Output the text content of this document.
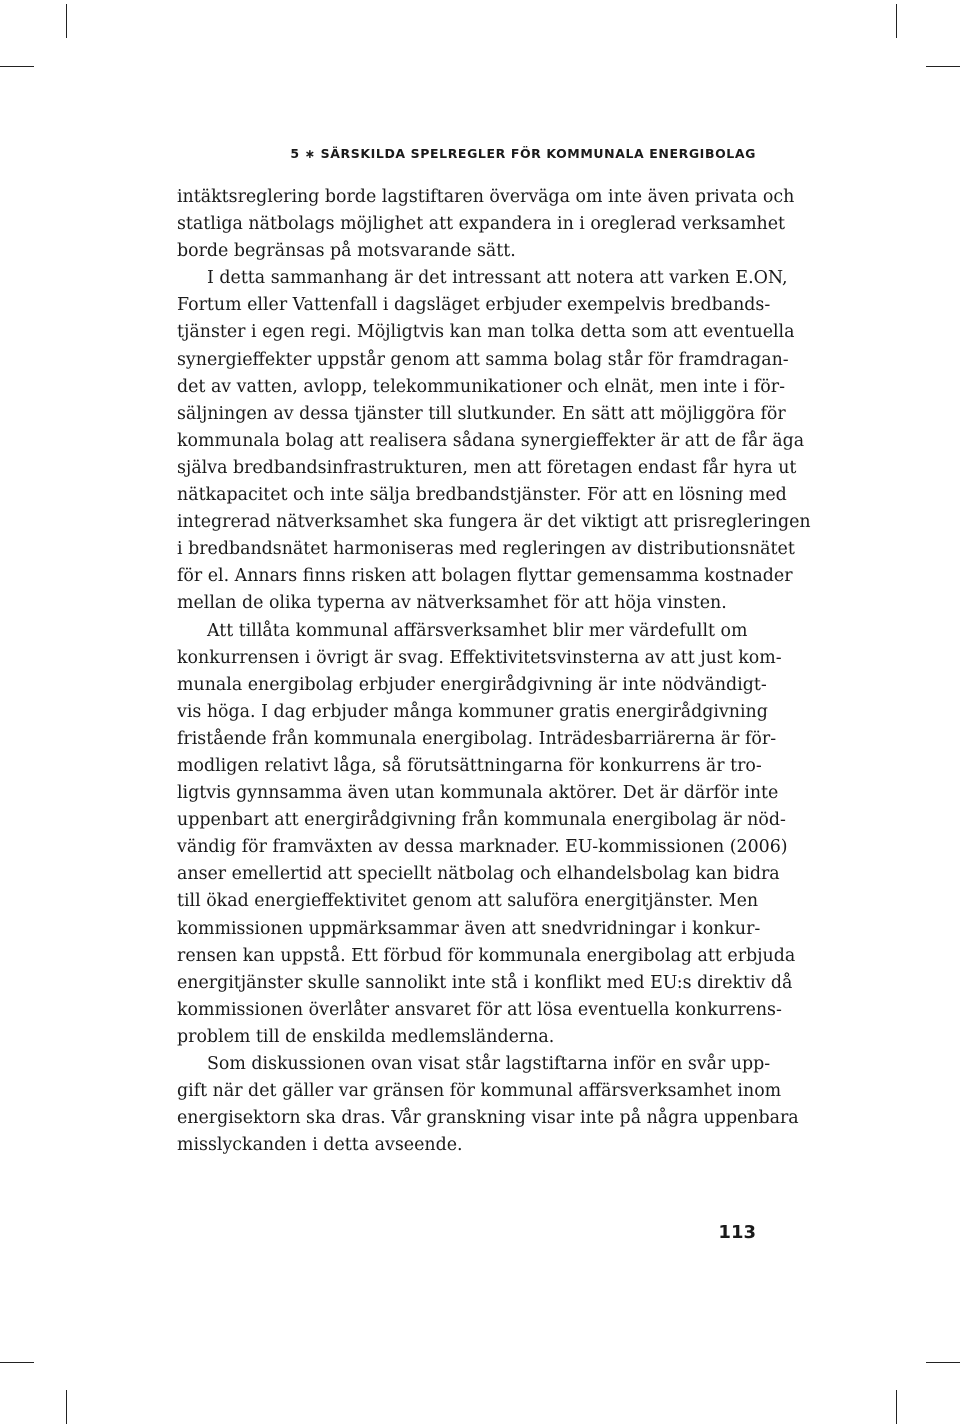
5 ∗ SÄRSKILDA SPELREGLER FÖR KOMMUNALA ENERGIBOLAG
intäktsreglering borde lagstiftaren överväga om inte även privata och
statliga nätbolags möjlighet att expandera in i oreglerad verksamhet
borde begränsas på motsvarande sätt.
I detta sammanhang är det intressant att notera att varken E.ON,
Fortum eller Vattenfall i dagsläget erbjuder exempelvis bredbands-
tjänster i egen regi. Möjligtvis kan man tolka detta som att eventuella
synergieffekter uppstår genom att samma bolag står för framdragan-
det av vatten, avlopp, telekommunikationer och elnät, men inte i för-
säljningen av dessa tjänster till slutkunder. En sätt att möjliggöra för
kommunala bolag att realisera sådana synergieffekter är att de får äga
själva bredbandsinfrastrukturen, men att företagen endast får hyra ut
nätkapacitet och inte sälja bredbandstjänster. För att en lösning med
integrerad nätverksamhet ska fungera är det viktigt att prisregleringen
i bredbandsnätet harmoniseras med regleringen av distributionsnätet
för el. Annars finns risken att bolagen flyttar gemensamma kostnader
mellan de olika typerna av nätverksamhet för att höja vinsten.
Att tillåta kommunal affärsverksamhet blir mer värdefullt om
konkurrensen i övrigt är svag. Effektivitetsvinsterna av att just kom-
munala energibolag erbjuder energirådgivning är inte nödvändigt-
vis höga. I dag erbjuder många kommuner gratis energirådgivning
fristående från kommunala energibolag. Inträdesbarriärerna är för-
modligen relativt låga, så förutsättningarna för konkurrens är tro-
ligtvis gynnsamma även utan kommunala aktörer. Det är därför inte
uppenbart att energirådgivning från kommunala energibolag är nöd-
vändig för framväxten av dessa marknader. EU-kommissionen (2006)
anser emellertid att speciellt nätbolag och elhandelsbolag kan bidra
till ökad energieffektivitet genom att saluföra energitjänster. Men
kommissionen uppmärksammar även att snedvridningar i konkur-
rensen kan uppstå. Ett förbud för kommunala energibolag att erbjuda
energitjänster skulle sannolikt inte stå i konflikt med EU:s direktiv då
kommissionen överlåter ansvaret för att lösa eventuella konkurrens-
problem till de enskilda medlemsländerna.
Som diskussionen ovan visat står lagstiftarna inför en svår upp-
gift när det gäller var gränsen för kommunal affärsverksamhet inom
energisektorn ska dras. Vår granskning visar inte på några uppenbara
misslyckanden i detta avseende.
113
